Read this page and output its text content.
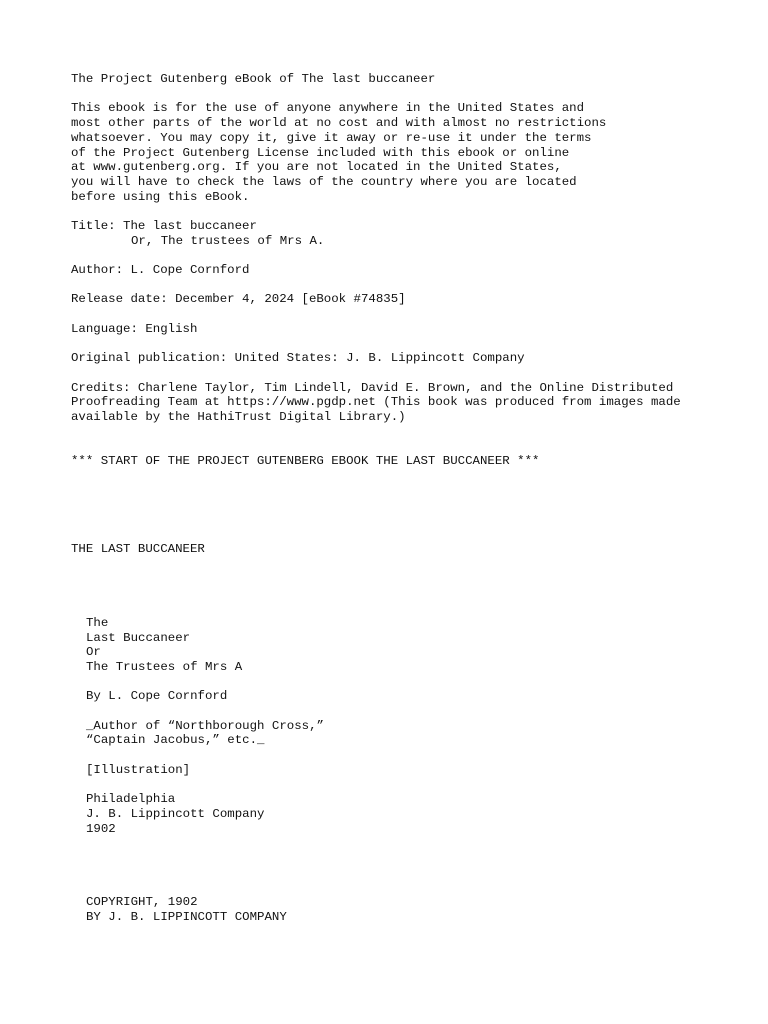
The Project Gutenberg eBook of The last buccaneer
This ebook is for the use of anyone anywhere in the United States and
most other parts of the world at no cost and with almost no restrictions
whatsoever. You may copy it, give it away or re-use it under the terms
of the Project Gutenberg License included with this ebook or online
at www.gutenberg.org. If you are not located in the United States,
you will have to check the laws of the country where you are located
before using this eBook.
Title: The last buccaneer
Or, The trustees of Mrs A.
Author: L. Cope Cornford
Release date: December 4, 2024 [eBook #74835]
Language: English
Original publication: United States: J. B. Lippincott Company
Credits: Charlene Taylor, Tim Lindell, David E. Brown, and the Online Distributed
Proofreading Team at https://www.pgdp.net (This book was produced from images made
available by the HathiTrust Digital Library.)
*** START OF THE PROJECT GUTENBERG EBOOK THE LAST BUCCANEER ***
THE LAST BUCCANEER
The
Last Buccaneer
Or
The Trustees of Mrs A
By L. Cope Cornford
_Author of “Northborough Cross,”
“Captain Jacobus,” etc._
[Illustration]
Philadelphia
J. B. Lippincott Company
1902
COPYRIGHT, 1902
BY J. B. LIPPINCOTT COMPANY
